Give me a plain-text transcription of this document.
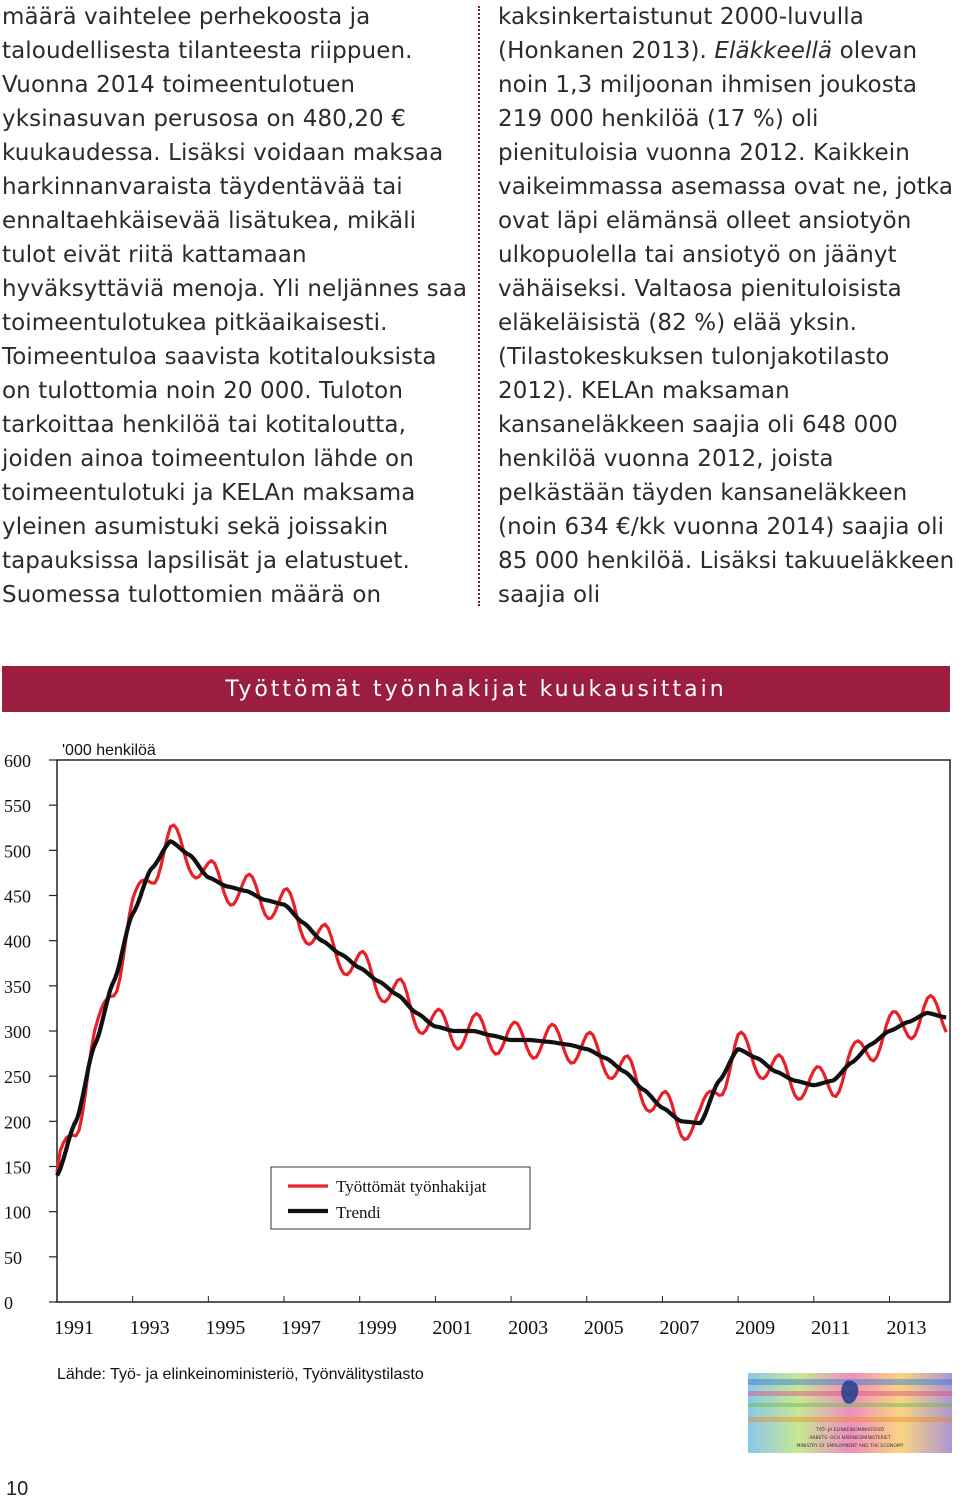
määrä vaihtelee perhekoosta ja taloudellisesta tilanteesta riippuen. Vuonna 2014 toimeentulotuen yksinasuvan perusosa on 480,20 € kuukaudessa. Lisäksi voidaan maksaa harkinnanvaraista täydentävää tai ennaltaehkäisevää lisätukea, mikäli tulot eivät riitä kattamaan hyväksyttäviä menoja. Yli neljännes saa toimeentulotukea pitkäaikaisesti. Toimeentuloa saavista kotitalouksista on tulottomia noin 20 000. Tuloton tarkoittaa henkilöä tai kotitaloutta, joiden ainoa toimeentulon lähde on toimeentulotuki ja KELAn maksama yleinen asumistuki sekä joissakin tapauksissa lapsilisät ja elatustuet. Suomessa tulottomien määrä on

kaksinkertaistunut 2000-luvulla (Honkanen 2013). Eläkkeellä olevan noin 1,3 miljoonan ihmisen joukosta 219 000 henkilöä (17 %) oli pienituloisia vuonna 2012. Kaikkein vaikeimmassa asemassa ovat ne, jotka ovat läpi elämänsä olleet ansiotyön ulkopuolella tai ansiotyö on jäänyt vähäiseksi. Valtaosa pienituloisista eläkeläisistä (82 %) elää yksin. (Tilastokeskuksen tulonjakotilasto 2012). KELAn maksaman kansaneläkkeen saajia oli 648 000 henkilöä vuonna 2012, joista pelkästään täyden kansaneläkkeen (noin 634 €/kk vuonna 2014) saajia oli 85 000 henkilöä. Lisäksi takuueläkkeen saajia oli

Työttömät työnhakijat kuukausittain
0
50
100
150
200
250
300
350
400
450
500
550
600
'000 henkilöä
1991 1993 1995 1997 1999 2001 2003 2005 2007 2009 2011 2013
Työttömät työnhakijat
Trendi
Lähde: Työ- ja elinkeinoministeriö, Työnvälitystilasto
TYÖ- JA ELINKEINOMINISTERIÖ
ARBETS- OCH NÄRINGSMINISTERIET
MINISTRY OF EMPLOYMENT AND THE ECONOMY
10
